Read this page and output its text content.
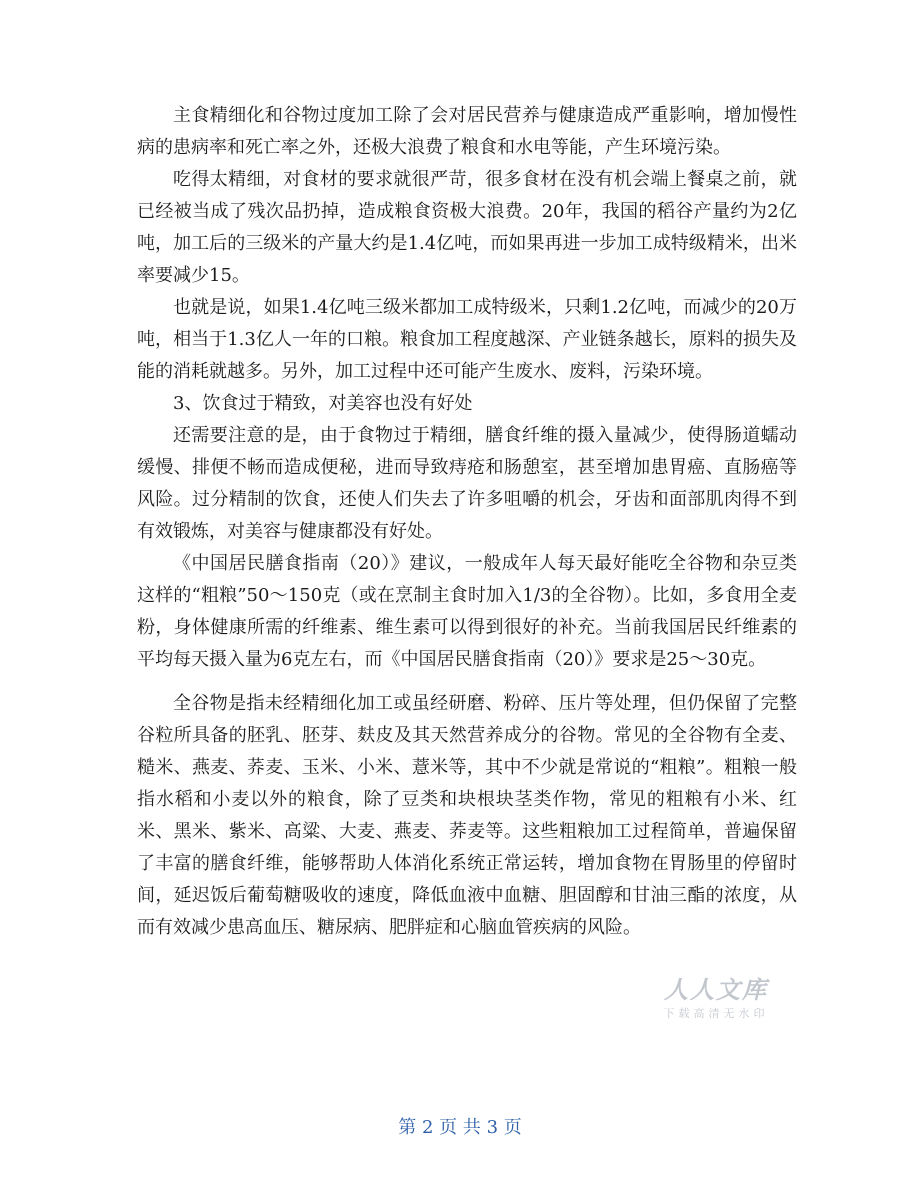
主食精细化和谷物过度加工除了会对居民营养与健康造成严重影响，增加慢性病的患病率和死亡率之外，还极大浪费了粮食和水电等能，产生环境污染。

吃得太精细，对食材的要求就很严苛，很多食材在没有机会端上餐桌之前，就已经被当成了残次品扔掉，造成粮食资极大浪费。20年，我国的稻谷产量约为2亿吨，加工后的三级米的产量大约是1.4亿吨，而如果再进一步加工成特级精米，出米率要减少15。

也就是说，如果1.4亿吨三级米都加工成特级米，只剩1.2亿吨，而减少的20万吨，相当于1.3亿人一年的口粮。粮食加工程度越深、产业链条越长，原料的损失及能的消耗就越多。另外，加工过程中还可能产生废水、废料，污染环境。

3、饮食过于精致，对美容也没有好处

还需要注意的是，由于食物过于精细，膳食纤维的摄入量减少，使得肠道蠕动缓慢、排便不畅而造成便秘，进而导致痔疮和肠憩室，甚至增加患胃癌、直肠癌等风险。过分精制的饮食，还使人们失去了许多咀嚼的机会，牙齿和面部肌肉得不到有效锻炼，对美容与健康都没有好处。

《中国居民膳食指南（20）》建议，一般成年人每天最好能吃全谷物和杂豆类这样的“粗粮”50～150克（或在烹制主食时加入1/3的全谷物）。比如，多食用全麦粉，身体健康所需的纤维素、维生素可以得到很好的补充。当前我国居民纤维素的平均每天摄入量为6克左右，而《中国居民膳食指南（20）》要求是25～30克。

全谷物是指未经精细化加工或虽经研磨、粉碎、压片等处理，但仍保留了完整谷粒所具备的胚乳、胚芽、麸皮及其天然营养成分的谷物。常见的全谷物有全麦、糙米、燕麦、荞麦、玉米、小米、薏米等，其中不少就是常说的“粗粮”。粗粮一般指水稻和小麦以外的粮食，除了豆类和块根块茎类作物，常见的粗粮有小米、红米、黑米、紫米、高粱、大麦、燕麦、荞麦等。这些粗粮加工过程简单，普遍保留了丰富的膳食纤维，能够帮助人体消化系统正常运转，增加食物在胃肠里的停留时间，延迟饭后葡萄糖吸收的速度，降低血液中血糖、胆固醇和甘油三酯的浓度，从而有效减少患高血压、糖尿病、肥胖症和心脑血管疾病的风险。

人人文库
下载高清无水印
第 2 页 共 3 页
